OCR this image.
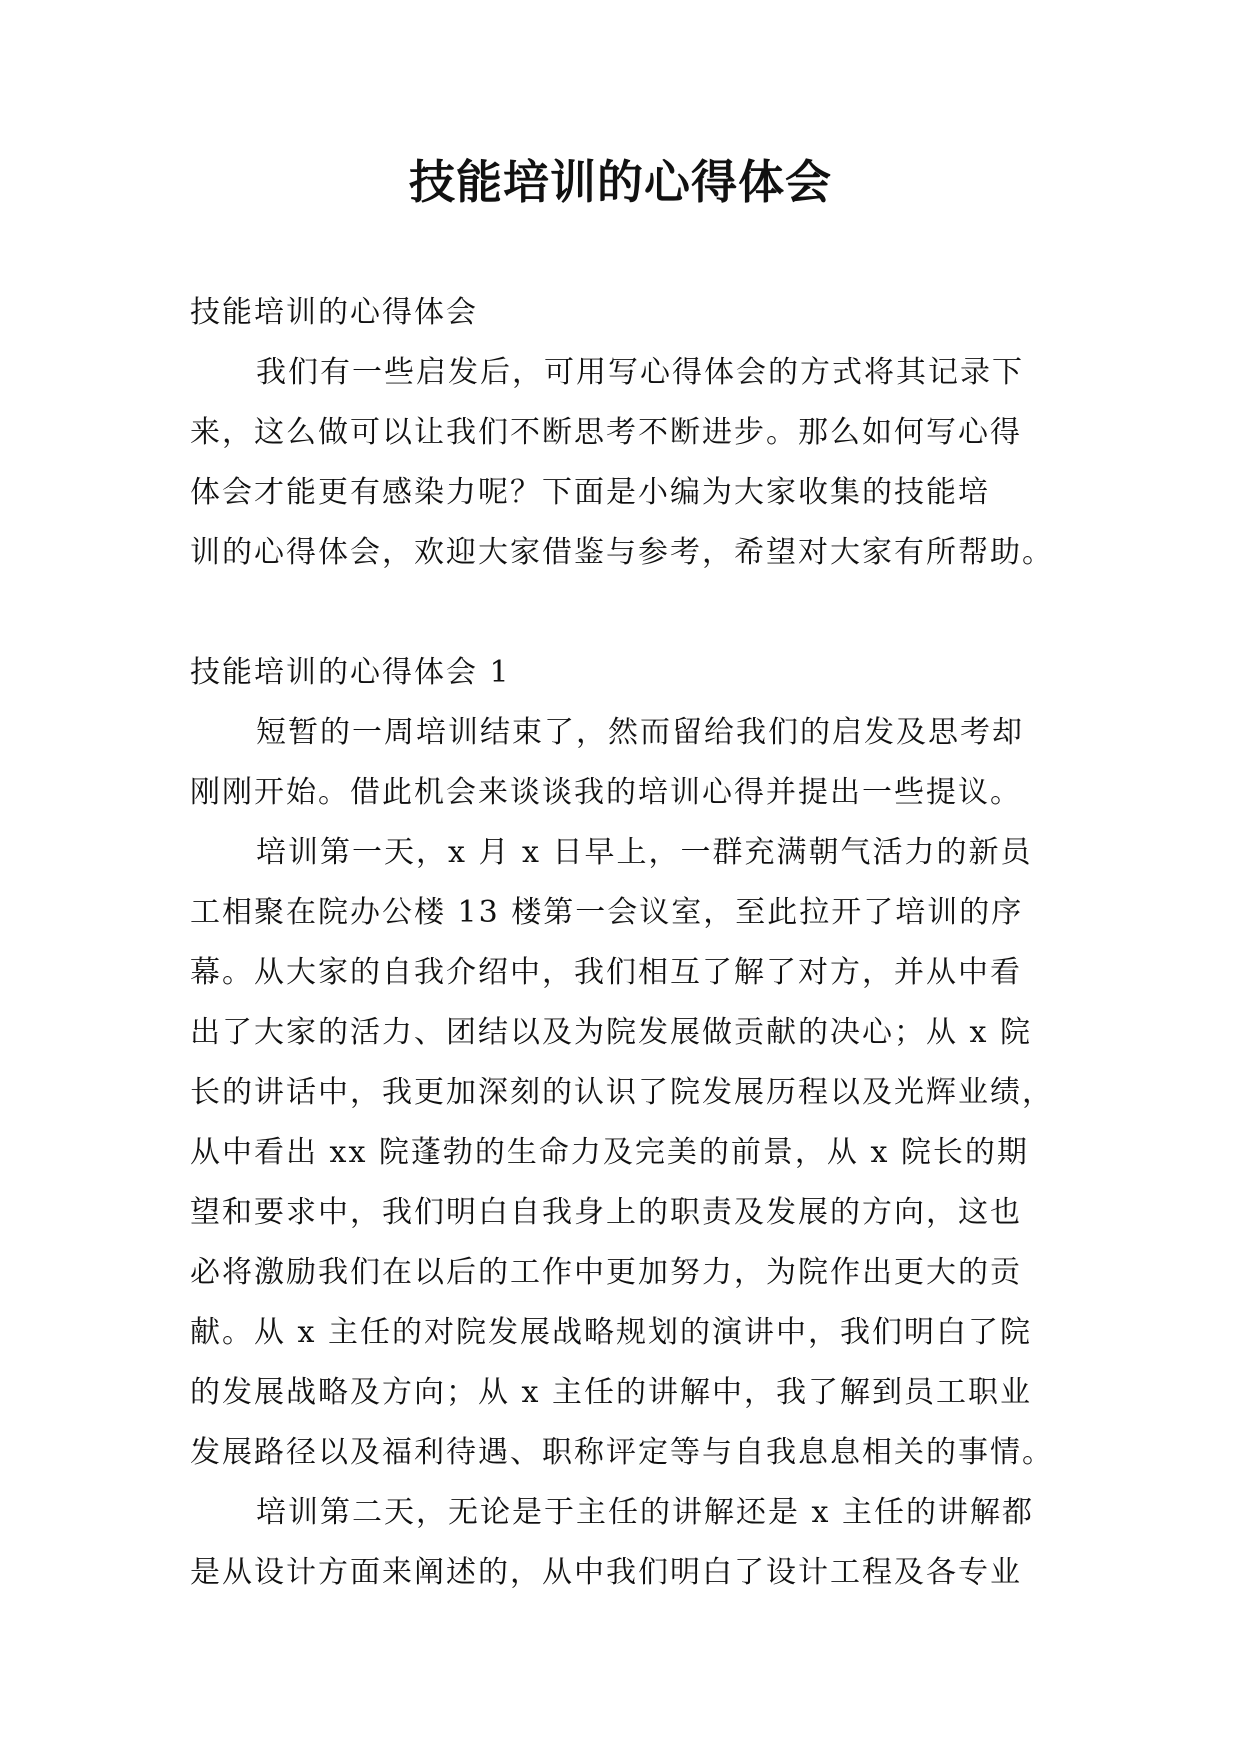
技能培训的心得体会
技能培训的心得体会
我们有一些启发后，可用写心得体会的方式将其记录下
来，这么做可以让我们不断思考不断进步。那么如何写心得
体会才能更有感染力呢？下面是小编为大家收集的技能培
训的心得体会，欢迎大家借鉴与参考，希望对大家有所帮助。
技能培训的心得体会 1
短暂的一周培训结束了，然而留给我们的启发及思考却
刚刚开始。借此机会来谈谈我的培训心得并提出一些提议。
培训第一天，x 月 x 日早上，一群充满朝气活力的新员
工相聚在院办公楼 13 楼第一会议室，至此拉开了培训的序
幕。从大家的自我介绍中，我们相互了解了对方，并从中看
出了大家的活力、团结以及为院发展做贡献的决心；从 x 院
长的讲话中，我更加深刻的认识了院发展历程以及光辉业绩，
从中看出 xx 院蓬勃的生命力及完美的前景，从 x 院长的期
望和要求中，我们明白自我身上的职责及发展的方向，这也
必将激励我们在以后的工作中更加努力，为院作出更大的贡
献。从 x 主任的对院发展战略规划的演讲中，我们明白了院
的发展战略及方向；从 x 主任的讲解中，我了解到员工职业
发展路径以及福利待遇、职称评定等与自我息息相关的事情。
培训第二天，无论是于主任的讲解还是 x 主任的讲解都
是从设计方面来阐述的，从中我们明白了设计工程及各专业
